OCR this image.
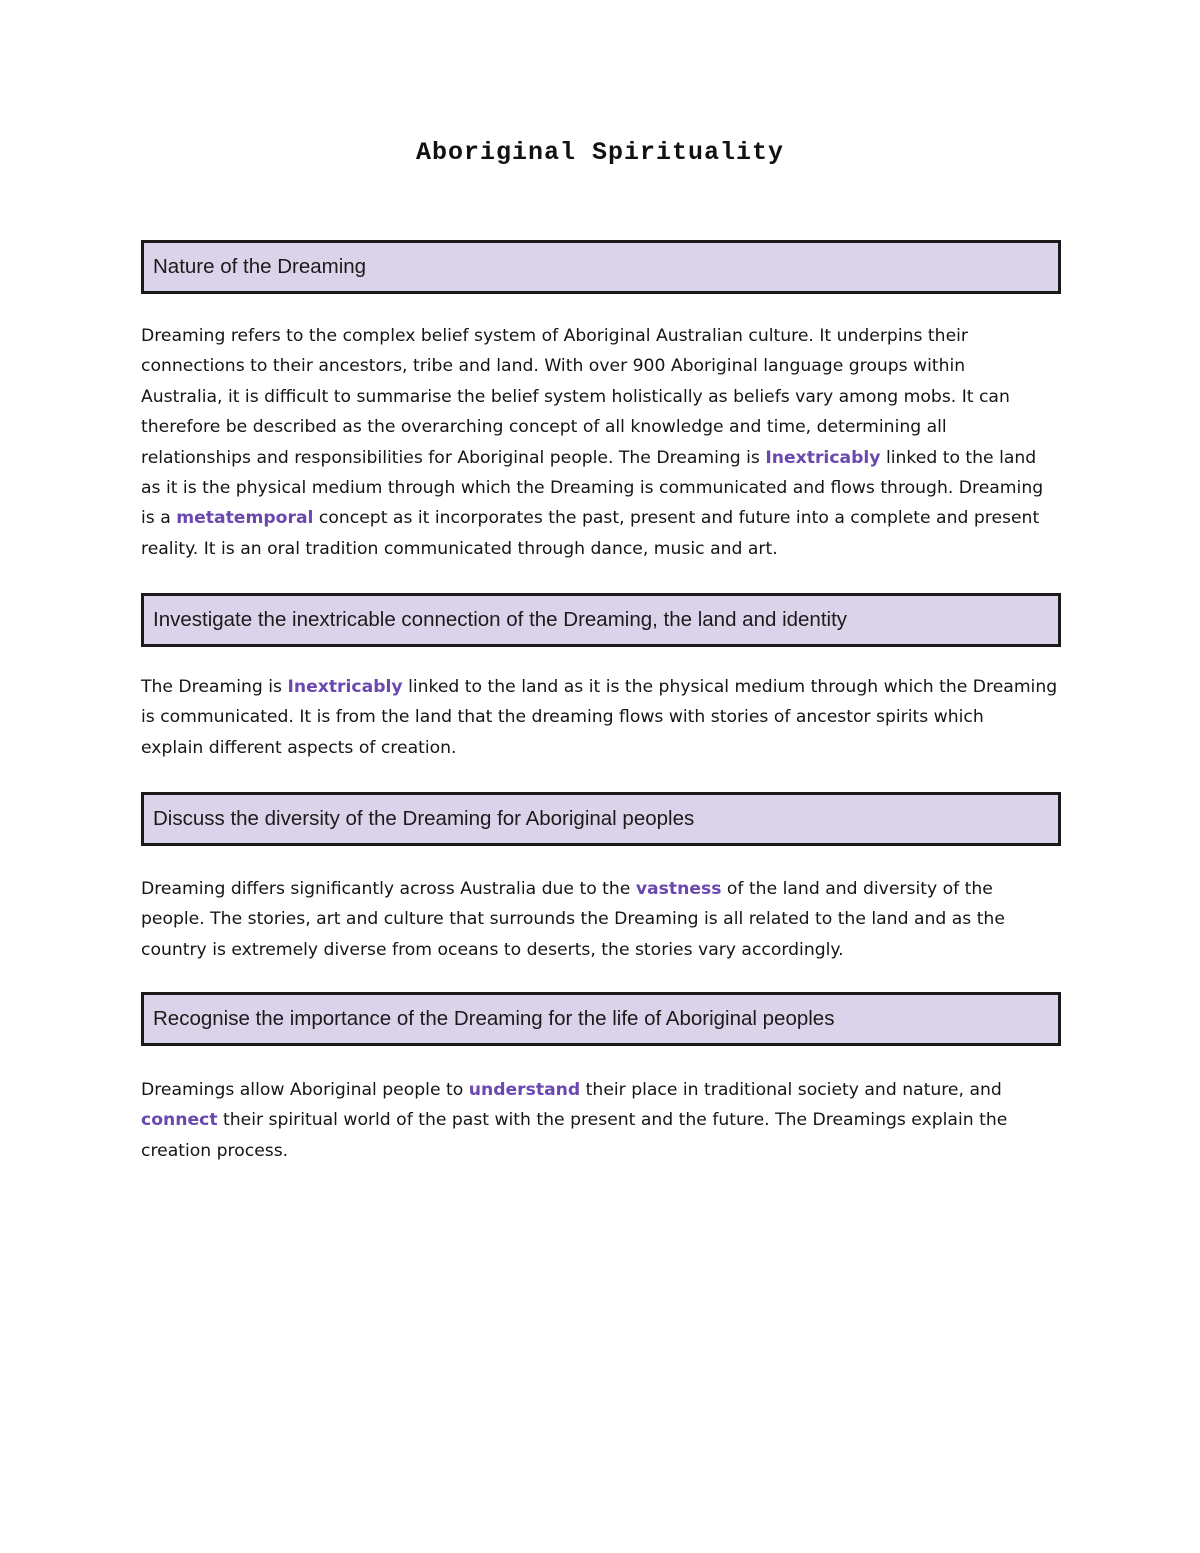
Aboriginal Spirituality
Nature of the Dreaming
Dreaming refers to the complex belief system of Aboriginal Australian culture. It underpins their
connections to their ancestors, tribe and land. With over 900 Aboriginal language groups within
Australia, it is difficult to summarise the belief system holistically as beliefs vary among mobs. It can
therefore be described as the overarching concept of all knowledge and time, determining all
relationships and responsibilities for Aboriginal people. The Dreaming is Inextricably linked to the land
as it is the physical medium through which the Dreaming is communicated and flows through. Dreaming
is a metatemporal concept as it incorporates the past, present and future into a complete and present
reality. It is an oral tradition communicated through dance, music and art.
Investigate the inextricable connection of the Dreaming, the land and identity
The Dreaming is Inextricably linked to the land as it is the physical medium through which the Dreaming
is communicated. It is from the land that the dreaming flows with stories of ancestor spirits which
explain different aspects of creation.
Discuss the diversity of the Dreaming for Aboriginal peoples
Dreaming differs significantly across Australia due to the vastness of the land and diversity of the
people. The stories, art and culture that surrounds the Dreaming is all related to the land and as the
country is extremely diverse from oceans to deserts, the stories vary accordingly.
Recognise the importance of the Dreaming for the life of Aboriginal peoples
Dreamings allow Aboriginal people to understand their place in traditional society and nature, and
connect their spiritual world of the past with the present and the future. The Dreamings explain the
creation process.
